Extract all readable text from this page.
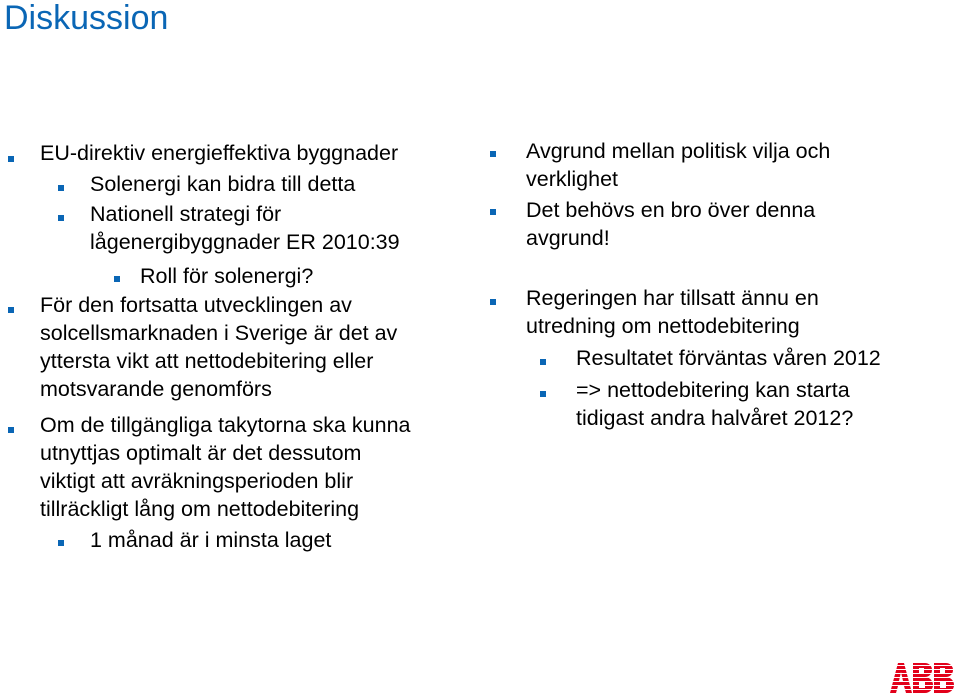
Diskussion
EU-direktiv energieffektiva byggnader
Solenergi kan bidra till detta
Nationell strategi för
lågenergibyggnader ER 2010:39
Roll för solenergi?
För den fortsatta utvecklingen av
solcellsmarknaden i Sverige är det av
yttersta vikt att nettodebitering eller
motsvarande genomförs
Om de tillgängliga takytorna ska kunna
utnyttjas optimalt är det dessutom
viktigt att avräkningsperioden blir
tillräckligt lång om nettodebitering
1 månad är i minsta laget
Avgrund mellan politisk vilja och
verklighet
Det behövs en bro över denna
avgrund!
Regeringen har tillsatt ännu en
utredning om nettodebitering
Resultatet förväntas våren 2012
=> nettodebitering kan starta
tidigast andra halvåret 2012?
